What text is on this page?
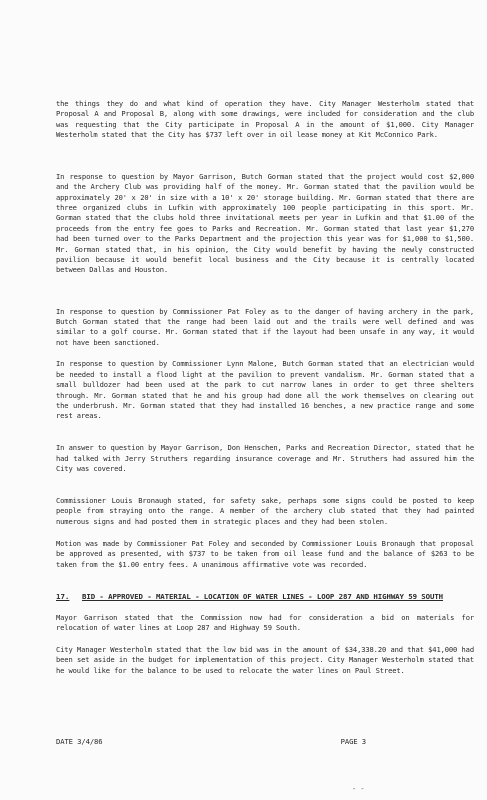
the things they do and what kind of operation they have. City Manager Westerholm stated that Proposal A and Proposal B, along with some drawings, were included for consideration and the club was requesting that the City participate in Proposal A in the amount of $1,000. City Manager Westerholm stated that the City has $737 left over in oil lease money at Kit McConnico Park.

In response to question by Mayor Garrison, Butch Gorman stated that the project would cost $2,000 and the Archery Club was providing half of the money. Mr. Gorman stated that the pavilion would be approximately 20' x 20' in size with a 10' x 20' storage building. Mr. Gorman stated that there are three organized clubs in Lufkin with approximately 100 people participating in this sport. Mr. Gorman stated that the clubs hold three invitational meets per year in Lufkin and that $1.00 of the proceeds from the entry fee goes to Parks and Recreation. Mr. Gorman stated that last year $1,270 had been turned over to the Parks Department and the projection this year was for $1,000 to $1,500. Mr. Gorman stated that, in his opinion, the City would benefit by having the newly constructed pavilion because it would benefit local business and the City because it is centrally located between Dallas and Houston.

In response to question by Commissioner Pat Foley as to the danger of having archery in the park, Butch Gorman stated that the range had been laid out and the trails were well defined and was similar to a golf course. Mr. Gorman stated that if the layout had been unsafe in any way, it would not have been sanctioned.

In response to question by Commissioner Lynn Malone, Butch Gorman stated that an electrician would be needed to install a flood light at the pavilion to prevent vandalism. Mr. Gorman stated that a small bulldozer had been used at the park to cut narrow lanes in order to get three shelters through. Mr. Gorman stated that he and his group had done all the work themselves on clearing out the underbrush. Mr. Gorman stated that they had installed 16 benches, a new practice range and some rest areas.

In answer to question by Mayor Garrison, Don Henschen, Parks and Recreation Director, stated that he had talked with Jerry Struthers regarding insurance coverage and Mr. Struthers had assured him the City was covered.

Commissioner Louis Bronaugh stated, for safety sake, perhaps some signs could be posted to keep people from straying onto the range. A member of the archery club stated that they had painted numerous signs and had posted them in strategic places and they had been stolen.

Motion was made by Commissioner Pat Foley and seconded by Commissioner Louis Bronaugh that proposal be approved as presented, with $737 to be taken from oil lease fund and the balance of $263 to be taken from the $1.00 entry fees. A unanimous affirmative vote was recorded.

17.	BID - APPROVED - MATERIAL - LOCATION OF WATER LINES - LOOP 287 AND HIGHWAY 59 SOUTH

Mayor Garrison stated that the Commission now had for consideration a bid on materials for relocation of water lines at Loop 287 and Highway 59 South.

City Manager Westerholm stated that the low bid was in the amount of $34,338.20 and that $41,000 had been set aside in the budget for implementation of this project. City Manager Westerholm stated that he would like for the balance to be used to relocate the water lines on Paul Street.

DATE 3/4/86	PAGE 3
- -
